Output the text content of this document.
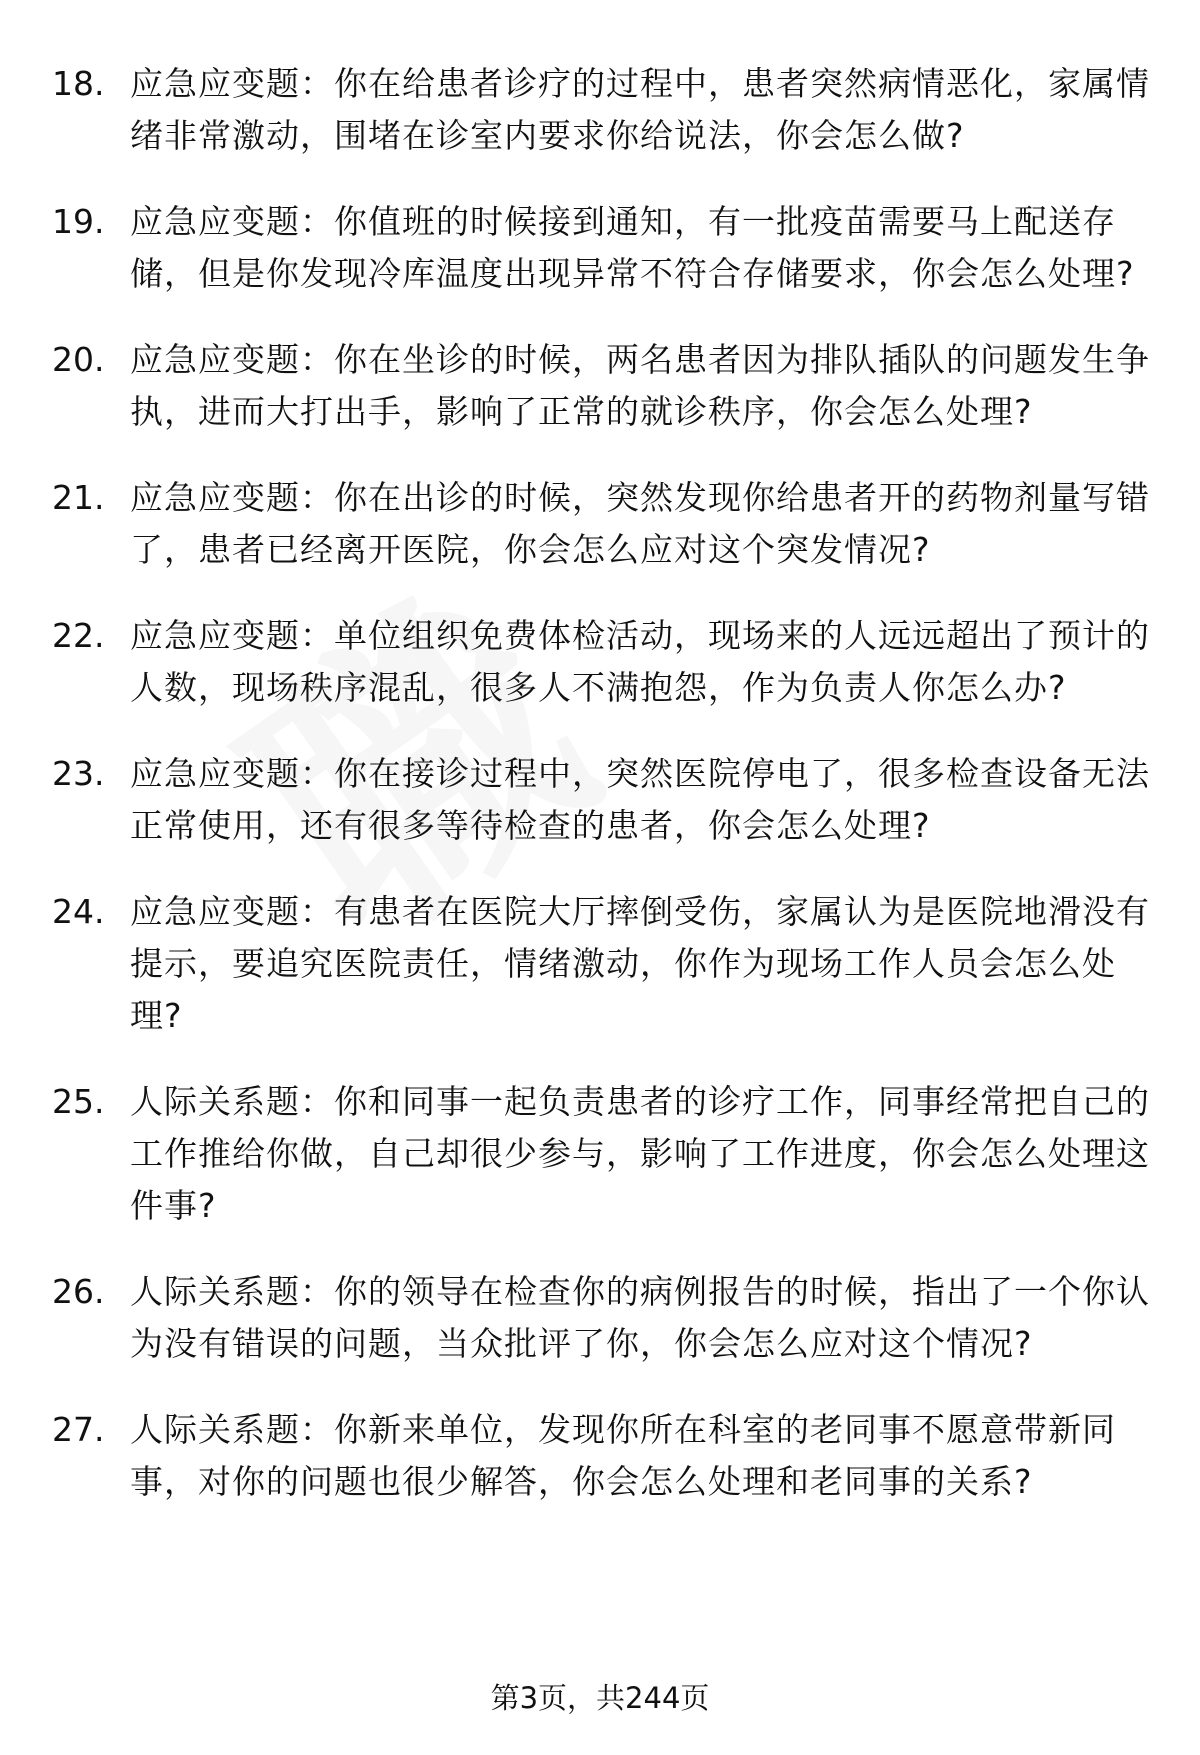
18. 应急应变题：你在给患者诊疗的过程中，患者突然病情恶化，家属情绪非常激动，围堵在诊室内要求你给说法，你会怎么做?
19. 应急应变题：你值班的时候接到通知，有一批疫苗需要马上配送存储，但是你发现冷库温度出现异常不符合存储要求，你会怎么处理?
20. 应急应变题：你在坐诊的时候，两名患者因为排队插队的问题发生争执，进而大打出手，影响了正常的就诊秩序，你会怎么处理?
21. 应急应变题：你在出诊的时候，突然发现你给患者开的药物剂量写错了，患者已经离开医院，你会怎么应对这个突发情况?
22. 应急应变题：单位组织免费体检活动，现场来的人远远超出了预计的人数，现场秩序混乱，很多人不满抱怨，作为负责人你怎么办?
23. 应急应变题：你在接诊过程中，突然医院停电了，很多检查设备无法正常使用，还有很多等待检查的患者，你会怎么处理?
24. 应急应变题：有患者在医院大厅摔倒受伤，家属认为是医院地滑没有提示，要追究医院责任，情绪激动，你作为现场工作人员会怎么处理?
25. 人际关系题：你和同事一起负责患者的诊疗工作，同事经常把自己的工作推给你做，自己却很少参与，影响了工作进度，你会怎么处理这件事?
26. 人际关系题：你的领导在检查你的病例报告的时候，指出了一个你认为没有错误的问题，当众批评了你，你会怎么应对这个情况?
27. 人际关系题：你新来单位，发现你所在科室的老同事不愿意带新同事，对你的问题也很少解答，你会怎么处理和老同事的关系?
第3页，共244页
